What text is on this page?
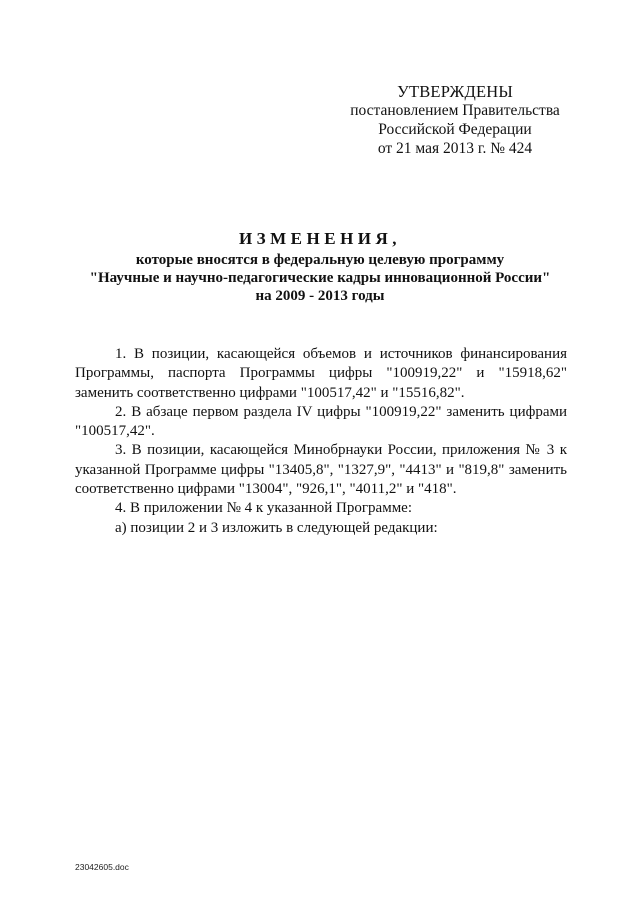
УТВЕРЖДЕНЫ
постановлением Правительства
Российской Федерации
от 21 мая 2013 г. № 424
ИЗМЕНЕНИЯ,
которые вносятся в федеральную целевую программу
"Научные и научно-педагогические кадры инновационной России"
на 2009 - 2013 годы

1. В позиции, касающейся объемов и источников финансирования Программы, паспорта Программы цифры "100919,22" и "15918,62" заменить соответственно цифрами "100517,42" и "15516,82".

2. В абзаце первом раздела IV цифры "100919,22" заменить цифрами "100517,42".

3. В позиции, касающейся Минобрнауки России, приложения № 3 к указанной Программе цифры "13405,8", "1327,9", "4413" и "819,8" заменить соответственно цифрами "13004", "926,1", "4011,2" и "418".

4. В приложении № 4 к указанной Программе:

а) позиции 2 и 3 изложить в следующей редакции:

23042605.doc
